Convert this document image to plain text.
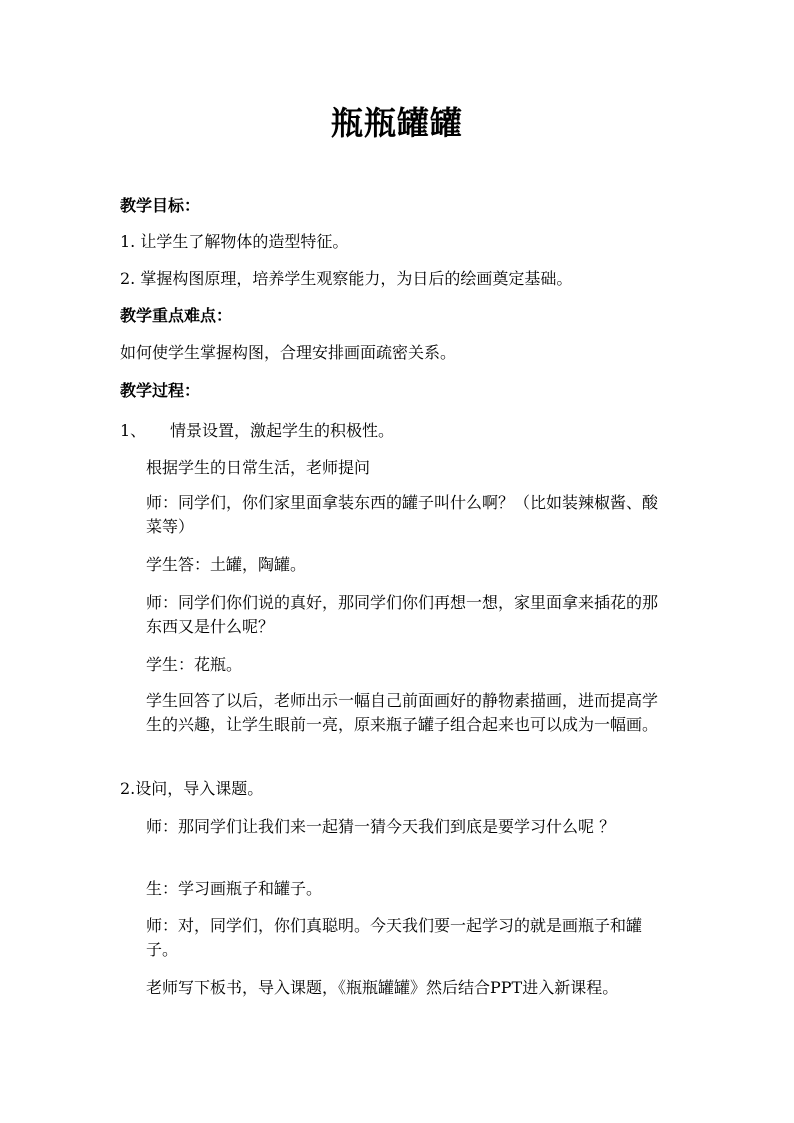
瓶瓶罐罐
教学目标：
1. 让学生了解物体的造型特征。
2. 掌握构图原理，培养学生观察能力，为日后的绘画奠定基础。
教学重点难点：
如何使学生掌握构图，合理安排画面疏密关系。
教学过程：
1、 情景设置，激起学生的积极性。
根据学生的日常生活，老师提问
师：同学们，你们家里面拿装东西的罐子叫什么啊？（比如装辣椒酱、酸菜等）
学生答：土罐，陶罐。
师：同学们你们说的真好，那同学们你们再想一想，家里面拿来插花的那东西又是什么呢？
学生：花瓶。
学生回答了以后，老师出示一幅自己前面画好的静物素描画，进而提高学生的兴趣，让学生眼前一亮，原来瓶子罐子组合起来也可以成为一幅画。
2.设问，导入课题。
师：那同学们让我们来一起猜一猜今天我们到底是要学习什么呢 ？
生：学习画瓶子和罐子。
师：对，同学们，你们真聪明。今天我们要一起学习的就是画瓶子和罐子。
老师写下板书，导入课题，《瓶瓶罐罐》然后结合PPT进入新课程。
